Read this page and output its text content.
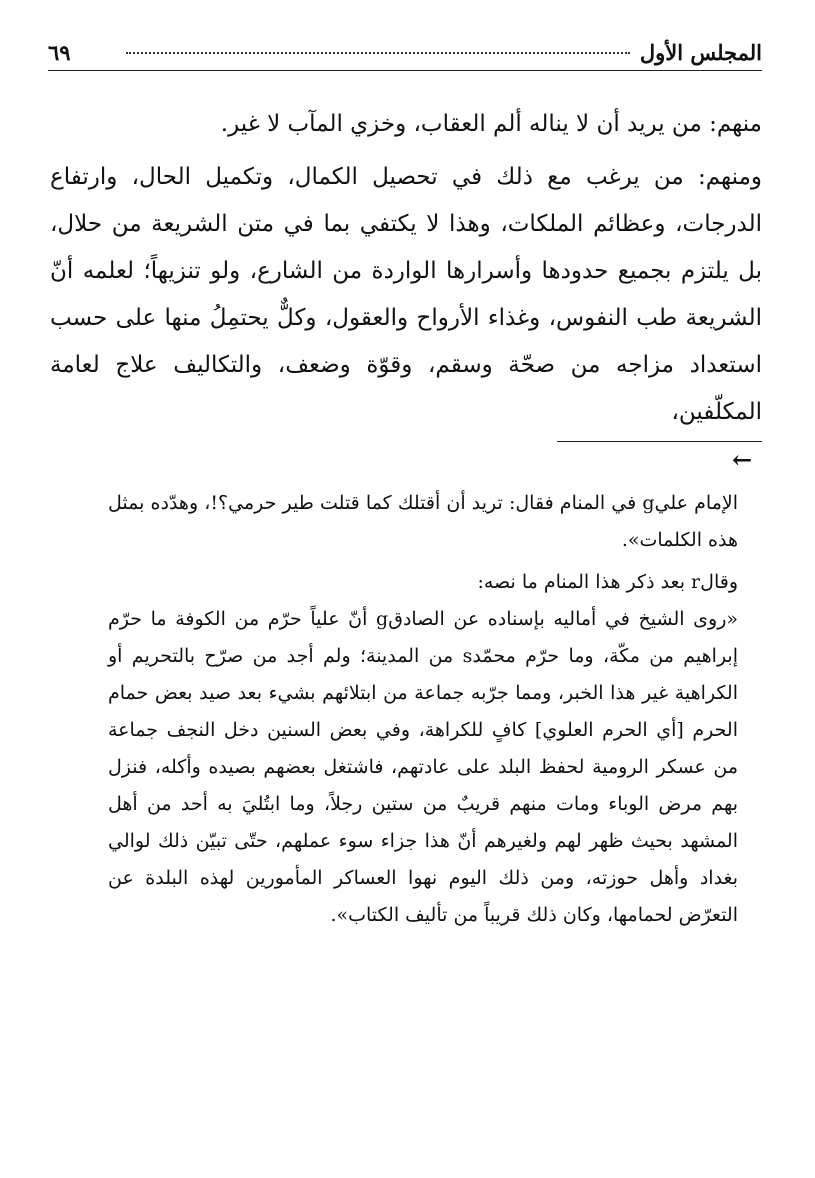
المجلس الأول
٦٩

منهم: من يريد أن لا يناله ألم العقاب، وخزي المآب لا غير.

ومنهم: من يرغب مع ذلك في تحصيل الكمال، وتكميل الحال، وارتفاع الدرجات، وعظائم الملكات، وهذا لا يكتفي بما في متن الشريعة من حلال، بل يلتزم بجميع حدودها وأسرارها الواردة من الشارع، ولو تنزيهاً؛ لعلمه أنّ الشريعة طب النفوس، وغذاء الأرواح والعقول، وكلٌّ يحتمِلُ منها على حسب استعداد مزاجه من صحّة وسقم، وقوّة وضعف، والتكاليف علاج لعامة المكلّفين،

←

الإمام عليg في المنام فقال: تريد أن أقتلك كما قتلت طير حرمي؟!، وهدّده بمثل هذه الكلمات».

وقالr بعد ذكر هذا المنام ما نصه:

«روى الشيخ في أماليه بإسناده عن الصادقg أنّ علياً حرّم من الكوفة ما حرّم إبراهيم من مكّة، وما حرّم محمّدs من المدينة؛ ولم أجد من صرّح بالتحريم أو الكراهية غير هذا الخبر، ومما جرّبه جماعة من ابتلائهم بشيء بعد صيد بعض حمام الحرم [أي الحرم العلوي] كافٍ للكراهة، وفي بعض السنين دخل النجف جماعة من عسكر الرومية لحفظ البلد على عادتهم، فاشتغل بعضهم بصيده وأكله، فنزل بهم مرض الوباء ومات منهم قريبٌ من ستين رجلاً، وما ابتُليَ به أحد من أهل المشهد بحيث ظهر لهم ولغيرهم أنّ هذا جزاء سوء عملهم، حتّى تبيّن ذلك لوالي بغداد وأهل حوزته، ومن ذلك اليوم نهوا العساكر المأمورين لهذه البلدة عن التعرّض لحمامها، وكان ذلك قريباً من تأليف الكتاب».
